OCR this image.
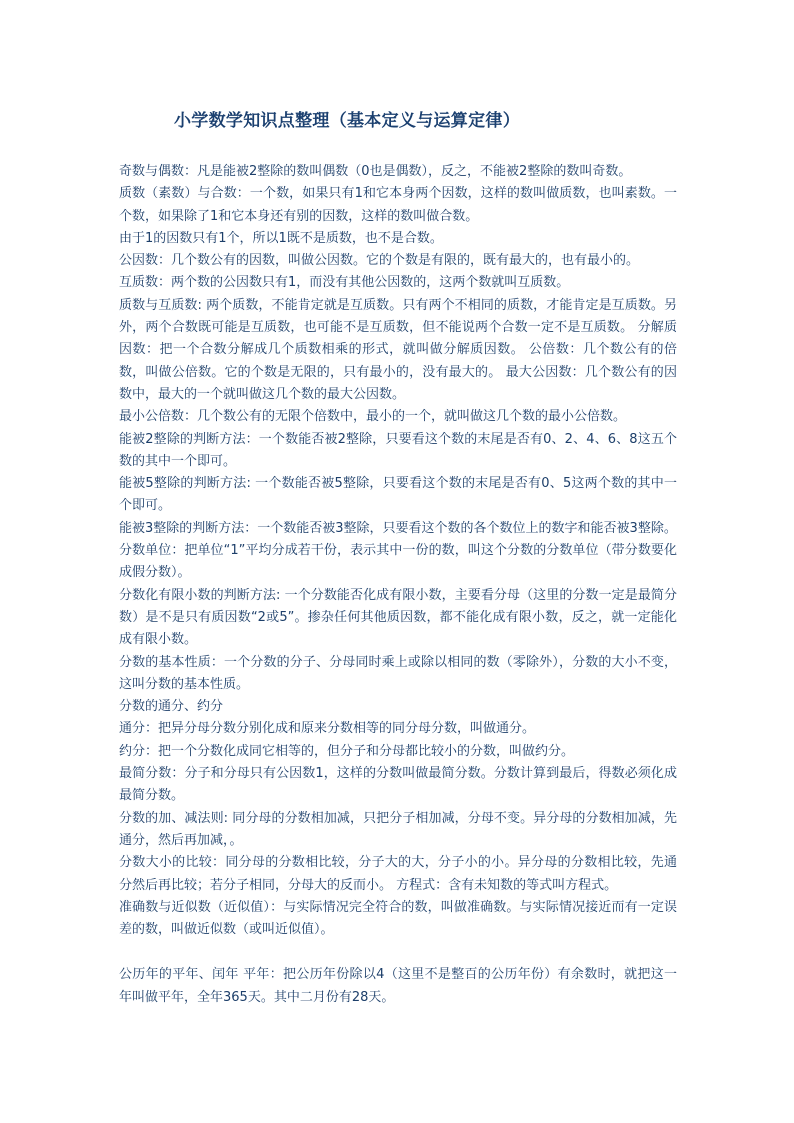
小学数学知识点整理（基本定义与运算定律）

奇数与偶数：凡是能被2整除的数叫偶数（0也是偶数），反之，不能被2整除的数叫奇数。

质数（素数）与合数：一个数，如果只有1和它本身两个因数，这样的数叫做质数，也叫素数。一个数，如果除了1和它本身还有别的因数，这样的数叫做合数。

由于1的因数只有1个，所以1既不是质数，也不是合数。

公因数：几个数公有的因数，叫做公因数。它的个数是有限的，既有最大的，也有最小的。

互质数：两个数的公因数只有1，而没有其他公因数的，这两个数就叫互质数。

质数与互质数: 两个质数，不能肯定就是互质数。只有两个不相同的质数，才能肯定是互质数。另外，两个合数既可能是互质数，也可能不是互质数，但不能说两个合数一定不是互质数。 分解质因数：把一个合数分解成几个质数相乘的形式，就叫做分解质因数。 公倍数：几个数公有的倍数，叫做公倍数。它的个数是无限的，只有最小的，没有最大的。 最大公因数：几个数公有的因数中，最大的一个就叫做这几个数的最大公因数。

最小公倍数：几个数公有的无限个倍数中，最小的一个，就叫做这几个数的最小公倍数。

能被2整除的判断方法：一个数能否被2整除，只要看这个数的末尾是否有0、2、4、6、8这五个数的其中一个即可。

能被5整除的判断方法: 一个数能否被5整除，只要看这个数的末尾是否有0、5这两个数的其中一个即可。

能被3整除的判断方法：一个数能否被3整除，只要看这个数的各个数位上的数字和能否被3整除。

分数单位：把单位“1”平均分成若干份，表示其中一份的数，叫这个分数的分数单位（带分数要化成假分数）。

分数化有限小数的判断方法: 一个分数能否化成有限小数，主要看分母（这里的分数一定是最简分数）是不是只有质因数“2或5”。掺杂任何其他质因数，都不能化成有限小数，反之，就一定能化成有限小数。

分数的基本性质：一个分数的分子、分母同时乘上或除以相同的数（零除外），分数的大小不变，这叫分数的基本性质。

分数的通分、约分

通分：把异分母分数分别化成和原来分数相等的同分母分数，叫做通分。

约分：把一个分数化成同它相等的，但分子和分母都比较小的分数，叫做约分。

最简分数：分子和分母只有公因数1，这样的分数叫做最简分数。分数计算到最后，得数必须化成最简分数。

分数的加、减法则: 同分母的分数相加减，只把分子相加减，分母不变。异分母的分数相加减，先通分，然后再加减，。

分数大小的比较：同分母的分数相比较，分子大的大，分子小的小。异分母的分数相比较，先通分然后再比较；若分子相同，分母大的反而小。 方程式：含有未知数的等式叫方程式。

准确数与近似数（近似值）：与实际情况完全符合的数，叫做准确数。与实际情况接近而有一定误差的数，叫做近似数（或叫近似值）。

公历年的平年、闰年 平年：把公历年份除以4（这里不是整百的公历年份）有余数时，就把这一年叫做平年，全年365天。其中二月份有28天。
